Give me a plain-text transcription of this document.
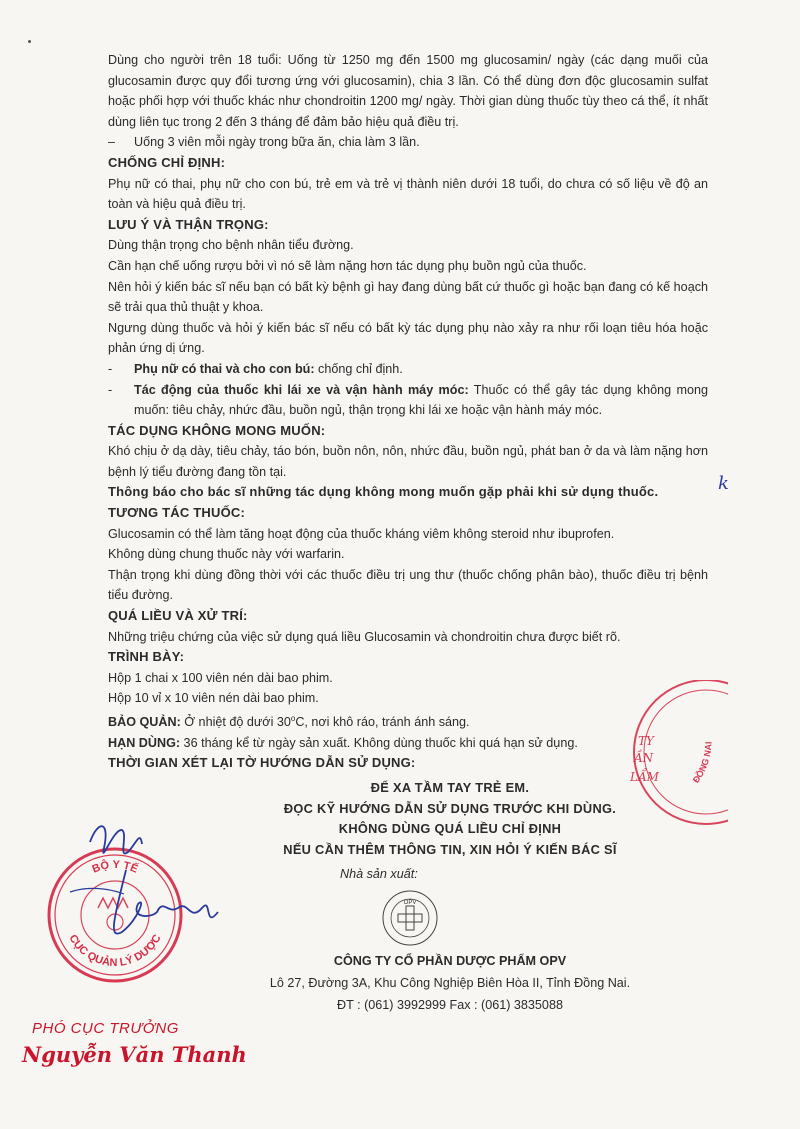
Dùng cho người trên 18 tuổi: Uống từ 1250 mg đến 1500 mg glucosamin/ ngày (các dạng muối của glucosamin được quy đổi tương ứng với glucosamin), chia 3 lần. Có thể dùng đơn độc glucosamin sulfat hoặc phối hợp với thuốc khác như chondroitin 1200 mg/ ngày. Thời gian dùng thuốc tùy theo cá thể, ít nhất dùng liên tục trong 2 đến 3 tháng để đảm bảo hiệu quả điều trị.

–	Uống 3 viên mỗi ngày trong bữa ăn, chia làm 3 lần.

CHỐNG CHỈ ĐỊNH:

Phụ nữ có thai, phụ nữ cho con bú, trẻ em và trẻ vị thành niên dưới 18 tuổi, do chưa có số liệu về độ an toàn và hiệu quả điều trị.

LƯU Ý VÀ THẬN TRỌNG:

Dùng thận trọng cho bệnh nhân tiểu đường.

Cần hạn chế uống rượu bởi vì nó sẽ làm nặng hơn tác dụng phụ buồn ngủ của thuốc.

Nên hỏi ý kiến bác sĩ nếu bạn có bất kỳ bệnh gì hay đang dùng bất cứ thuốc gì hoặc bạn đang có kế hoạch sẽ trải qua thủ thuật y khoa.

Ngưng dùng thuốc và hỏi ý kiến bác sĩ nếu có bất kỳ tác dụng phụ nào xảy ra như rối loạn tiêu hóa hoặc phản ứng dị ứng.

-	Phụ nữ có thai và cho con bú: chống chỉ định.
-	Tác động của thuốc khi lái xe và vận hành máy móc: Thuốc có thể gây tác dụng không mong muốn: tiêu chảy, nhức đầu, buồn ngủ, thận trọng khi lái xe hoặc vận hành máy móc.

TÁC DỤNG KHÔNG MONG MUỐN:

Khó chịu ở dạ dày, tiêu chảy, táo bón, buồn nôn, nôn, nhức đầu, buồn ngủ, phát ban ở da và làm nặng hơn bệnh lý tiểu đường đang tồn tại.

Thông báo cho bác sĩ những tác dụng không mong muốn gặp phải khi sử dụng thuốc.

TƯƠNG TÁC THUỐC:

Glucosamin có thể làm tăng hoạt động của thuốc kháng viêm không steroid như ibuprofen.

Không dùng chung thuốc này với warfarin.

Thận trọng khi dùng đồng thời với các thuốc điều trị ung thư (thuốc chống phân bào), thuốc điều trị bệnh tiểu đường.

QUÁ LIỀU VÀ XỬ TRÍ:

Những triệu chứng của việc sử dụng quá liều Glucosamin và chondroitin chưa được biết rõ.

TRÌNH BÀY:

Hộp 1 chai x 100 viên nén dài bao phim.

Hộp 10 vỉ x 10 viên nén dài bao phim.

BẢO QUẢN: Ở nhiệt độ dưới 30$^o$C, nơi khô ráo, tránh ánh sáng.

HẠN DÙNG: 36 tháng kể từ ngày sản xuất. Không dùng thuốc khi quá hạn sử dụng.

THỜI GIAN XÉT LẠI TỜ HƯỚNG DẪN SỬ DỤNG:

ĐỂ XA TẦM TAY TRẺ EM.
ĐỌC KỸ HƯỚNG DẪN SỬ DỤNG TRƯỚC KHI DÙNG.
KHÔNG DÙNG QUÁ LIỀU CHỈ ĐỊNH
NẾU CẦN THÊM THÔNG TIN, XIN HỎI Ý KIẾN BÁC SĨ
Nhà sản xuất:
OPV
CÔNG TY CỔ PHẦN DƯỢC PHẨM OPV
Lô 27, Đường 3A, Khu Công Nghiệp Biên Hòa II, Tỉnh Đồng Nai.
ĐT : (061) 3992999 Fax : (061) 3835088
k
BỘ Y TẾ
CỤC QUẢN LÝ DƯỢC
ĐỒNG NAI
TY
ẦN
LẨM
PHÓ CỤC TRƯỞNG
Nguyễn Văn Thanh
